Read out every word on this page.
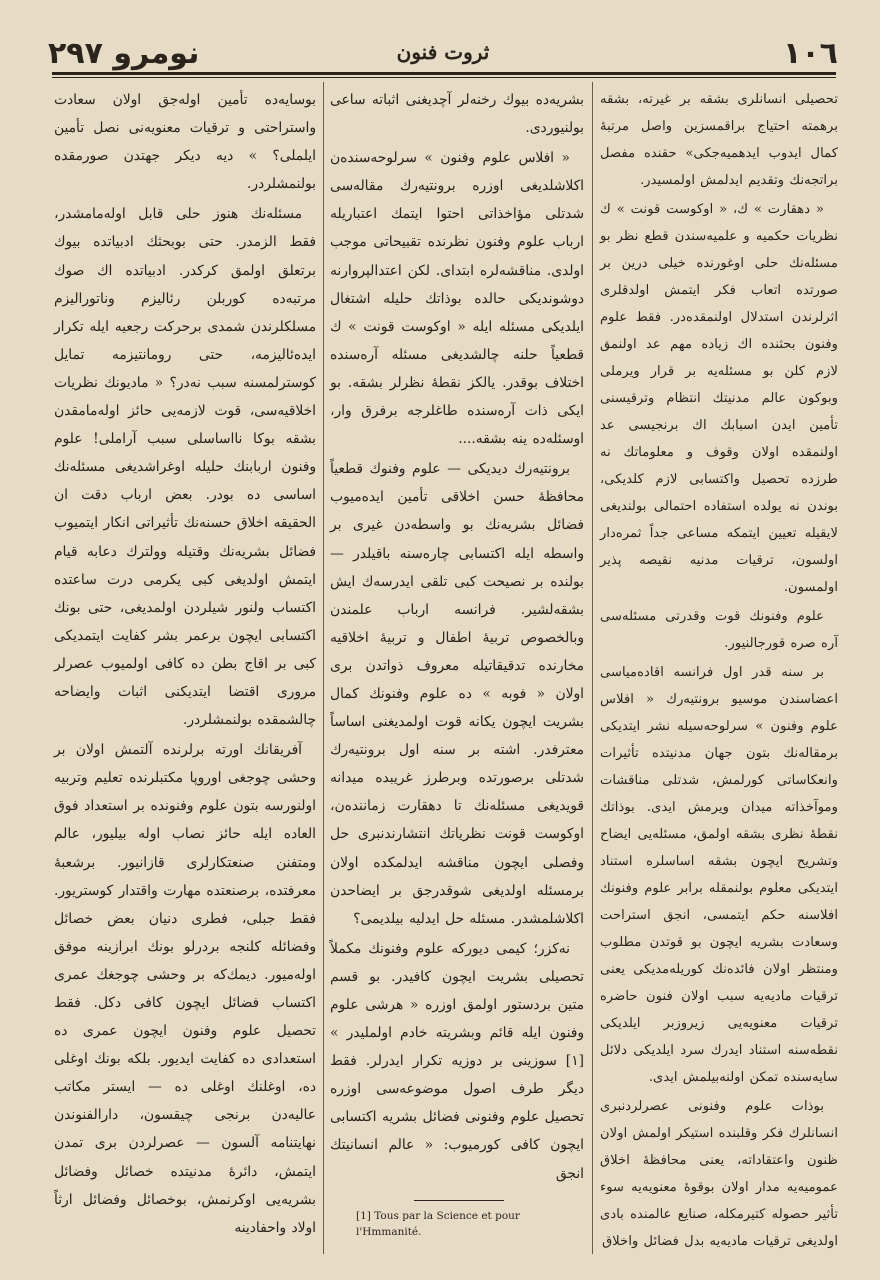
نومرو ٢٩٧	ثروت فنون	١٠٦

تحصیلی انسانلری بشقه‌ بر غیرته، بشقه برهمته احتیاج براقمسزین واصل مرتبهٔ کمال ایدوب ایدهمیه‌جکی» حقنده‌ مفصل براتجه‌نك وتقدیم ایدلمش اولمسیدر.

« دهقارت » ك، « اوکوست قونت » ك نظریات حکمیه و علمیه‌سندن قطع نظر بو مسئله‌نك حلی اوغورنده خیلی درین بر صورتده اتعاب فکر ایتمش اولدقلری اثرلرندن استدلال اولنمقده‌در. فقط علوم وفنون بحثنده اك زیاده مهم عد اولنمق لازم کلن بو مسئله‌یه بر قرار ویرملی وبوکون عالم مدنیتك انتظام وترقیسنی تأمین ایدن اسبابك اك برنجیسی عد اولنمقده اولان وقوف و معلوماتك نه طرزده تحصیل واکتسابی لازم کلدیکی، بوندن نه یولده استفاده احتمالی بولندیغی لایقیله تعیین ایتمکه مساعی جداً ثمره‌دار اولسون، ترقیات مدنیه نقیصه پذیر اولمسون.

علوم وفنونك قوت وقدرتی مسئله‌سی آره صره قورجالنیور.

بر سنه قدر اول فرانسه اقاده‌میاسی اعضاسندن موسیو برونتیه‌رك « افلاس علوم وفنون » سرلوحه‌سیله نشر ایتدیکی برمقاله‌نك بتون جهان مدنیتده تأثیرات وانعکاساتی کورلمش، شدتلی مناقشات وموآخذاته میدان ویرمش ایدی. بوذاتك نقطهٔ نظری بشقه اولمق، مسئله‌یی ایضاح وتشریح ایچون بشقه اساسلره استناد ایتدیکی معلوم بولنمقله برابر علوم وفنونك افلاسنه حکم ایتمسی، انجق استراحت وسعادت بشریه ایچون بو قوتدن مطلوب ومنتظر اولان فائده‌نك کوریله‌مدیکی یعنی ترقیات مادیه‌یه سبب اولان فنون حاضره ترقیات معنویه‌یی زیروزبر ایلدیکی نقطه‌سنه استناد ایدرك سرد ایلدیکی دلائل سایه‌سنده تمکن اولنه‌بیلمش ایدی.

بوذات علوم وفنونی عصرلردنبری انسانلرك فکر وقلبنده استیکر اولمش اولان ظنون واعتقاداته، یعنی محافظهٔ اخلاق عمومیه‌یه مدار اولان بوقوهٔ معنویه‌یه سوء تأثیر حصوله کتیرمکله، صنایع عالمنده بادی اولدیغی ترقیات مادیه‌یه بدل فضائل واخلاق

بشریه‌ده بیوك رخنه‌لر آچدیغنی اثباته ساعی بولنیوردی.

« افلاس علوم وفنون » سرلوحه‌سنده‌ن اکلاشلدیغی اوزره برونتیه‌رك مقاله‌سی شدتلی مؤاخذاتی احتوا ایتمك اعتباریله ارباب علوم وفنون نظرنده تقبیحاتی موجب اولدی. مناقشه‌لره ابتدای. لکن اعتدالپروارنه دوشوندیکی حالده بوذاتك حلیله اشتغال ایلدیکی مسئله ایله « اوکوست قونت » ك قطعیاً حلنه چالشدیغی مسئله آره‌سنده اختلاف بوقدر. یالکز نقطهٔ نظرلر بشقه. بو ایکی ذات آره‌سنده طاغلرجه برفرق وار، اوسئله‌ده ینه بشقه....

برونتیه‌رك دیدیکی — علوم وفنوك قطعیاً محافظهٔ حسن اخلاقی تأمین ایده‌میوب فضائل بشریه‌نك بو واسطه‌دن غیری بر واسطه ایله اکتسابی چاره‌سنه باقیلدر — بولنده بر نصیحت کبی تلقی ایدرسه‌ك ایش بشقه‌لشیر. فرانسه ارباب علمندن وبالخصوص تربیهٔ اطفال و تربیهٔ اخلاقیه مخارنده تدقیقاتیله معروف ذواتدن بری اولان « فوبه » ده علوم وفنونك کمال بشریت ایچون یکانه قوت اولمدیغنی اساساً معترفدر. اشته بر سنه اول برونتیه‌رك شدتلی برصورتده وبرطرز غریبده میدانه قویدیغی مسئله‌نك تا دهقارت زماننده‌ن، اوکوست قونت نظریاتك انتشارندنبری حل وفصلی ایچون مناقشه ایدلمکده اولان برمسئله اولدیغی شوقدرجق بر ایضاحدن اکلاشلمشدر. مسئله حل ایدلیه بیلدیمی؟

نه‌کزر؛ کیمی دیورکه علوم وفنونك مکملاً تحصیلی بشریت ایچون کافیدر. بو قسم متین بردستور اولمق اوزره « هرشی علوم وفنون ایله قائم وبشریته خادم اولملیدر » [١] سوزینی بر دوزیه تکرار ایدرلر. فقط دیگر طرف اصول موضوعه‌سی اوزره تحصیل علوم وفنونی فضائل بشریه‌ اکتسابی ایچون کافی کورمیوب: « عالم انسانیتك انجق

[1] Tous par la Science et pour l'Hmmanité.

بوسایه‌ده تأمین اوله‌جق اولان سعادت واستراحتی و ترقیات معنویه‌نی نصل تأمین ایلملی؟ » دیه دیکر جهتدن صورمقده بولنمشلردر.

مسئله‌نك هنوز حلی قابل اوله‌مامشدر، فقط الزمدر. حتی بوبحثك ادبیاتده بیوك برتعلق اولمق کرکدر. ادبیاتده اك صوك مرتبه‌ده کوربلن رئالیزم وناتورالیزم مسلکلرندن شمدی برحرکت رجعیه ایله تکرار ایده‌ئالیزمه، حتی رومانتیزمه تمایل کوسترلمسنه سبب نه‌در؟ « مادیونك نظریات اخلاقیه‌سی، قوت لازمه‌یی حائز اوله‌مامقدن بشقه بوکا نااساسلی سبب آراملی! علوم وفنون اربابنك حلیله اوغراشدیغی مسئله‌نك اساسی ده بودر. بعض ارباب دقت ان الحقیقه اخلاق حسنه‌نك تأثیراتی انکار ایتمیوب فضائل بشریه‌نك وقتیله وولترك دعابه قیام ایتمش اولدیغی کبی یکرمی درت ساعتده اکتساب ولنور شیلردن اولمدیغی، حتی بونك اکتسابی ایچون برعمر بشر کفایت ایتمدیکی کبی بر اقاج بطن ده کافی اولمیوب عصرلر مروری اقتضا ایتدیکنی اثبات وایضاحه چالشمقده بولنمشلردر.

آفریقانك اورته برلرنده آلتمش اولان بر وحشی چوجغی اوروپا مکتبلرنده تعلیم وتربیه اولنورسه بتون علوم وفنونده بر استعداد فوق العاده ایله حائز نصاب اوله بیلیور، عالم ومتفنن صنعتکارلری قازانیور. برشعبهٔ معرفتده، برصنعتده مهارت واقتدار کوستریور. فقط جبلی، فطری دنیان بعض خصائل وفضائله کلنجه بردرلو بونك ابرازینه موفق اوله‌میور. دیمك‌که بر وحشی چوجغك عمری اکتساب فضائل ایچون کافی دکل. فقط تحصیل علوم وفنون ایچون عمری ده استعدادی ده کفایت ایدیور. بلکه بونك اوغلی ده، اوغلنك اوغلی ده — ایستر مکاتب عالیه‌دن برنجی چیقسون، دارالفنوندن نهایتنامه آلسون — عصرلردن بری تمدن ایتمش، دائرهٔ مدنیتده خصائل وفضائل بشریه‌یی اوکرنمش، بوخصائل وفضائل ارثاً اولاد واحفادینه
